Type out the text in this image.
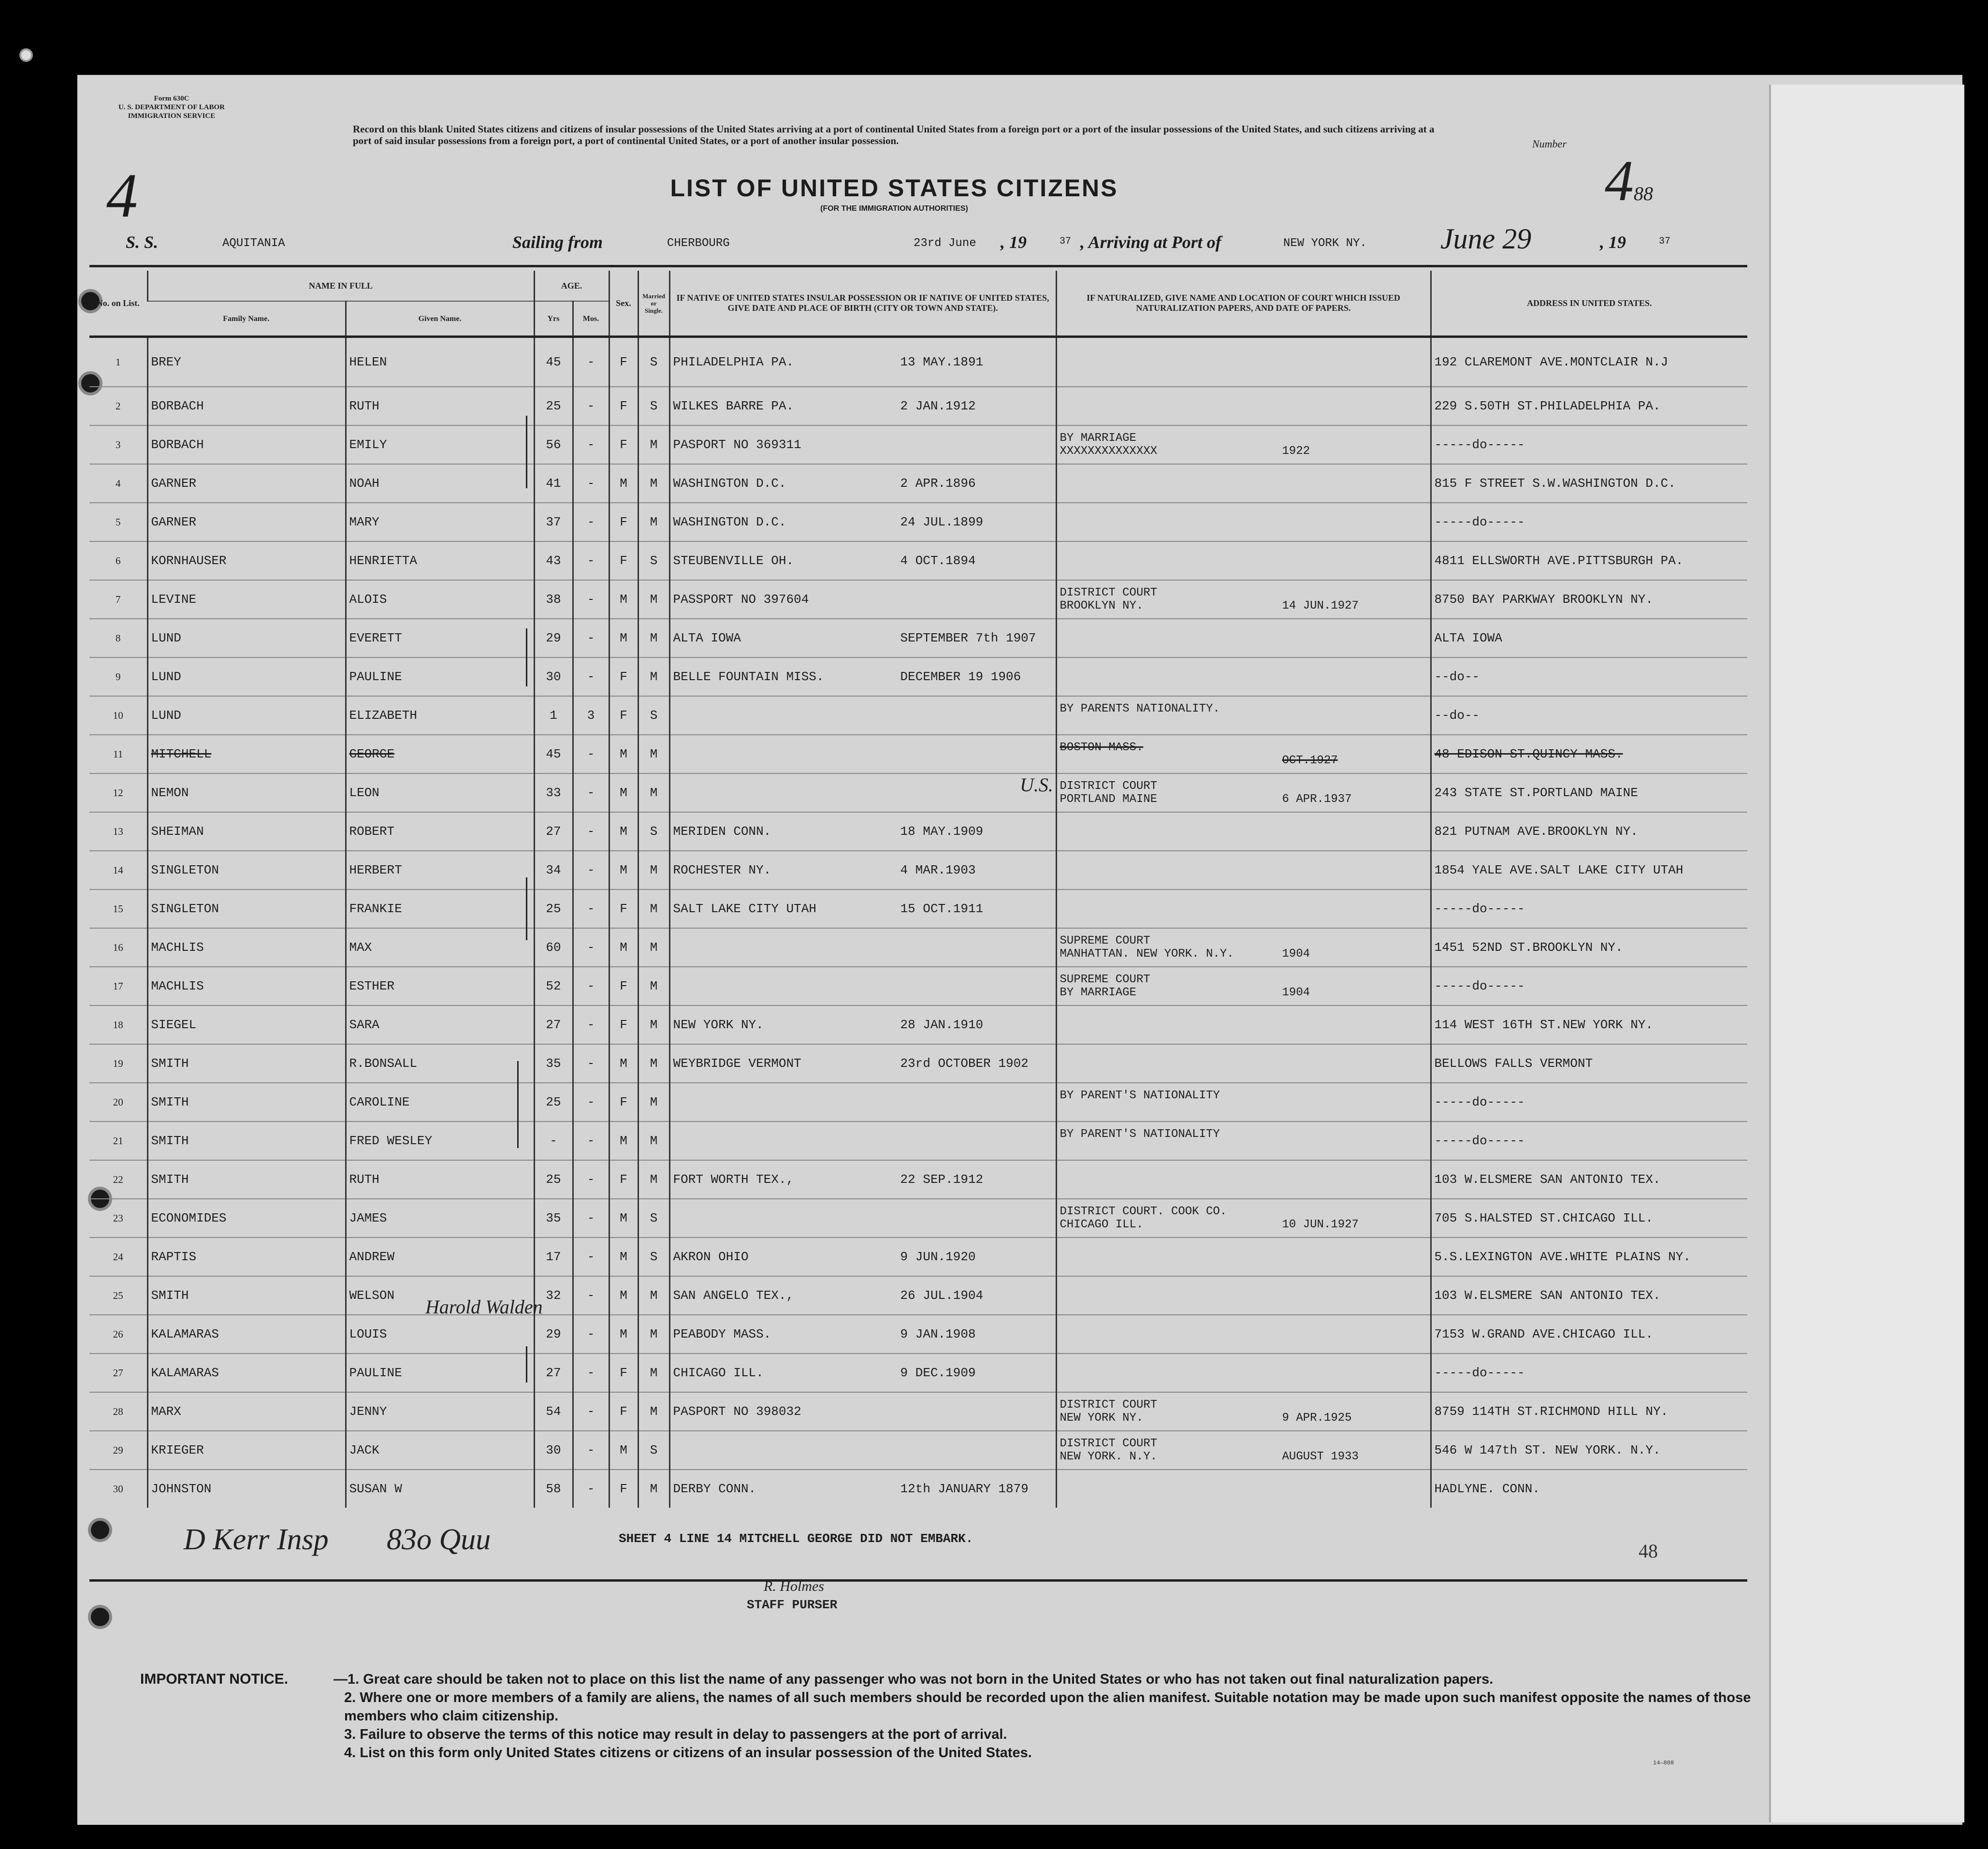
Form 630C
U. S. DEPARTMENT OF LABOR
IMMIGRATION SERVICE
Record on this blank United States citizens and citizens of insular possessions of the United States arriving at a port of continental United States from a foreign port or a port of the insular possessions of the United States, and such citizens arriving at a port of said insular possessions from a foreign port, a port of continental United States, or a port of another insular possession.	Number
488
4	LIST OF UNITED STATES CITIZENS
(FOR THE IMMIGRATION AUTHORITIES)
S. S.	AQUITANIA	Sailing from	CHERBOURG	23rd June , 19	37 , Arriving at Port of	NEW YORK NY.	June 29	, 19	37
No. on List.	NAME IN FULL		AGE.		Sex.	Married or Single.	IF NATIVE OF UNITED STATES INSULAR POSSESSION OR IF NATIVE OF UNITED STATES, GIVE DATE AND PLACE OF BIRTH (CITY OR TOWN AND STATE).	IF NATURALIZED, GIVE NAME AND LOCATION OF COURT WHICH ISSUED NATURALIZATION PAPERS, AND DATE OF PAPERS.	ADDRESS IN UNITED STATES.
	Family Name.	Given Name.	Yrs	Mos.					
1	BREY	HELEN	45	-	F	S	PHILADELPHIA PA. 13 MAY.1891		192 CLAREMONT AVE.MONTCLAIR N.J
2	BORBACH	RUTH	25	-	F	S	WILKES BARRE PA. 2 JAN.1912		229 S.50TH ST.PHILADELPHIA PA.
3	BORBACH	EMILY	56	-	F	M	PASPORT NO 369311	BY MARRIAGE
XXXXXXXXXXXXXX 1922	-----do-----
4	GARNER	NOAH	41	-	M	M	WASHINGTON D.C. 2 APR.1896		815 F STREET S.W.WASHINGTON D.C.
5	GARNER	MARY	37	-	F	M	WASHINGTON D.C. 24 JUL.1899		-----do-----
6	KORNHAUSER	HENRIETTA	43	-	F	S	STEUBENVILLE OH. 4 OCT.1894		4811 ELLSWORTH AVE.PITTSBURGH PA.
7	LEVINE	ALOIS	38	-	M	M	PASSPORT NO 397604	DISTRICT COURT
BROOKLYN NY. 14 JUN.1927	8750 BAY PARKWAY BROOKLYN NY.
8	LUND	EVERETT	29	-	M	M	ALTA IOWA SEPTEMBER 7th 1907		ALTA IOWA
9	LUND	PAULINE	30	-	F	M	BELLE FOUNTAIN MISS. DECEMBER 19 1906		--do--
10	LUND	ELIZABETH	1	3	F	S		BY PARENTS NATIONALITY.	--do--
11	MITCHELL	GEORGE	45	-	M	M		BOSTON MASS.
OCT.1927	48 EDISON ST.QUINCY MASS.
12	NEMON	LEON	33	-	M	M		DISTRICT COURT
PORTLAND MAINE 6 APR.1937	243 STATE ST.PORTLAND MAINE
13	SHEIMAN	ROBERT	27	-	M	S	MERIDEN CONN. 18 MAY.1909		821 PUTNAM AVE.BROOKLYN NY.
14	SINGLETON	HERBERT	34	-	M	M	ROCHESTER NY. 4 MAR.1903		1854 YALE AVE.SALT LAKE CITY UTAH
15	SINGLETON	FRANKIE	25	-	F	M	SALT LAKE CITY UTAH 15 OCT.1911		-----do-----
16	MACHLIS	MAX	60	-	M	M		SUPREME COURT
MANHATTAN. NEW YORK. N.Y. 1904	1451 52ND ST.BROOKLYN NY.
17	MACHLIS	ESTHER	52	-	F	M		SUPREME COURT
BY MARRIAGE 1904	-----do-----
18	SIEGEL	SARA	27	-	F	M	NEW YORK NY. 28 JAN.1910		114 WEST 16TH ST.NEW YORK NY.
19	SMITH	R.BONSALL	35	-	M	M	WEYBRIDGE VERMONT 23rd OCTOBER 1902		BELLOWS FALLS VERMONT
20	SMITH	CAROLINE	25	-	F	M		BY PARENT'S NATIONALITY	-----do-----
21	SMITH	FRED WESLEY	-	-	M	M		BY PARENT'S NATIONALITY	-----do-----
22	SMITH	RUTH	25	-	F	M	FORT WORTH TEX., 22 SEP.1912		103 W.ELSMERE SAN ANTONIO TEX.
23	ECONOMIDES	JAMES	35	-	M	S		DISTRICT COURT. COOK CO.
CHICAGO ILL. 10 JUN.1927	705 S.HALSTED ST.CHICAGO ILL.
24	RAPTIS	ANDREW	17	-	M	S	AKRON OHIO 9 JUN.1920		5.S.LEXINGTON AVE.WHITE PLAINS NY.
25	SMITH	WELSON	32	-	M	M	SAN ANGELO TEX., 26 JUL.1904		103 W.ELSMERE SAN ANTONIO TEX.
26	KALAMARAS	LOUIS	29	-	M	M	PEABODY MASS. 9 JAN.1908		7153 W.GRAND AVE.CHICAGO ILL.
27	KALAMARAS	PAULINE	27	-	F	M	CHICAGO ILL. 9 DEC.1909		-----do-----
28	MARX	JENNY	54	-	F	M	PASPORT NO 398032	DISTRICT COURT
NEW YORK NY. 9 APR.1925	8759 114TH ST.RICHMOND HILL NY.
29	KRIEGER	JACK	30	-	M	S		DISTRICT COURT
NEW YORK. N.Y. AUGUST 1933	546 W 147th ST. NEW YORK. N.Y.
30	JOHNSTON	SUSAN W	58	-	F	M	DERBY CONN. 12th JANUARY 1879		HADLYNE. CONN.
SHEET 4 LINE 14 MITCHELL GEORGE DID NOT EMBARK.
48
D Kerr Insp 83o Quu
U.S.
Harold Walden
R. Holmes
STAFF PURSER
IMPORTANT NOTICE.	—1. Great care should be taken not to place on this list the name of any passenger who was not born in the United States or who has not taken out final naturalization papers.
2. Where one or more members of a family are aliens, the names of all such members should be recorded upon the alien manifest. Suitable notation may be made upon such manifest opposite the names of those members who claim citizenship.
3. Failure to observe the terms of this notice may result in delay to passengers at the port of arrival.
4. List on this form only United States citizens or citizens of an insular possession of the United States.
14—808
